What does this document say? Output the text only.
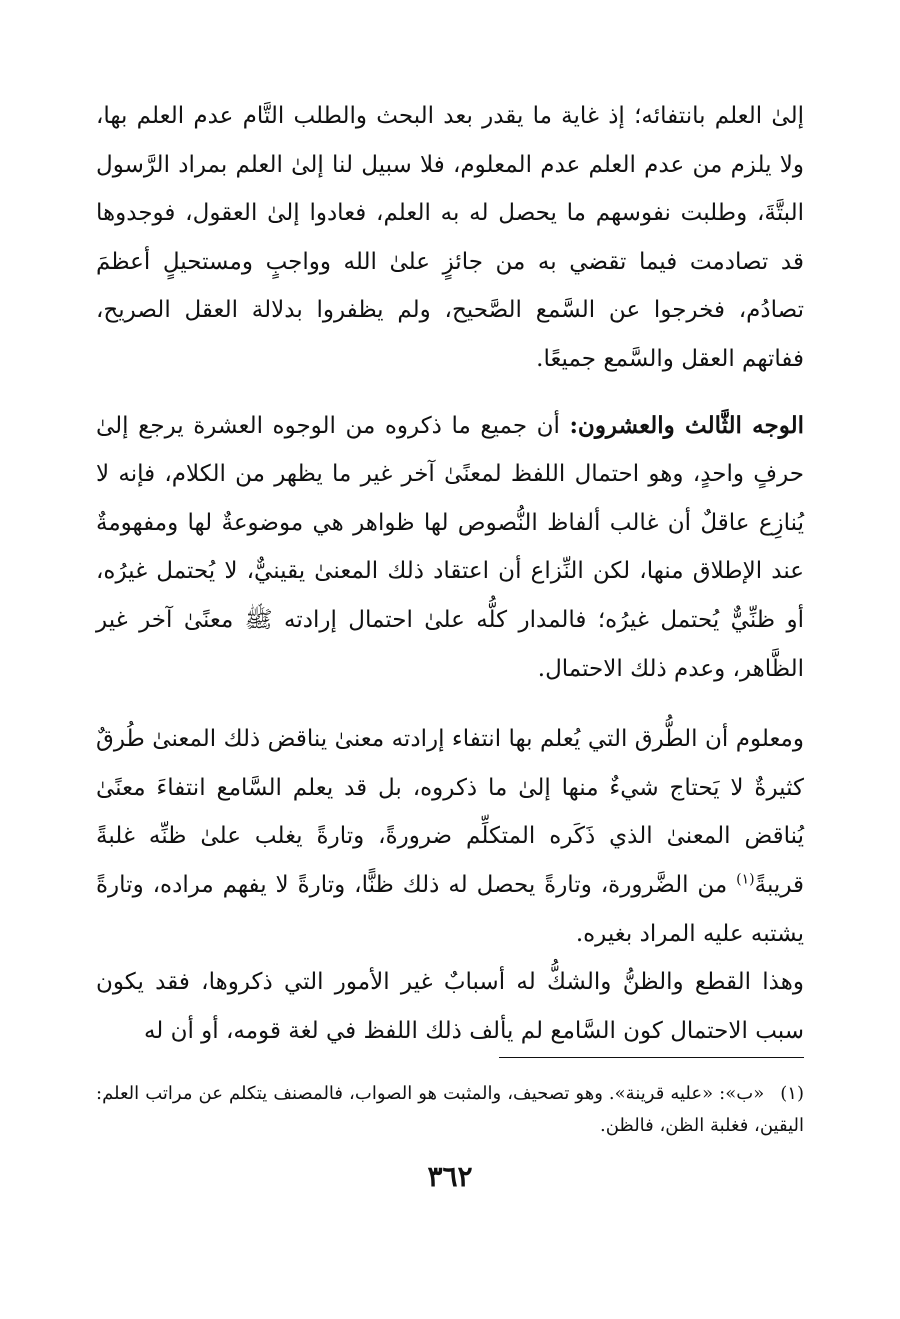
إلىٰ العلم بانتفائه؛ إذ غاية ما يقدر بعد البحث والطلب التَّام عدم العلم بها، ولا يلزم من عدم العلم عدم المعلوم، فلا سبيل لنا إلىٰ العلم بمراد الرَّسول البتَّةَ، وطلبت نفوسهم ما يحصل له به العلم، فعادوا إلىٰ العقول، فوجدوها قد تصادمت فيما تقضي به من جائزٍ علىٰ الله وواجبٍ ومستحيلٍ أعظمَ تصادُم، فخرجوا عن السَّمع الصَّحيح، ولم يظفروا بدلالة العقل الصريح، ففاتهم العقل والسَّمع جميعًا.

الوجه الثَّالث والعشرون: أن جميع ما ذكروه من الوجوه العشرة يرجع إلىٰ حرفٍ واحدٍ، وهو احتمال اللفظ لمعنًىٰ آخر غير ما يظهر من الكلام، فإنه لا يُنازِع عاقلٌ أن غالب ألفاظ النُّصوص لها ظواهر هي موضوعةٌ لها ومفهومةٌ عند الإطلاق منها، لكن النِّزاع أن اعتقاد ذلك المعنىٰ يقينيٌّ، لا يُحتمل غيرُه، أو ظنِّيٌّ يُحتمل غيرُه؛ فالمدار كلُّه علىٰ احتمال إرادته ﷺ معنًىٰ آخر غير الظَّاهر، وعدم ذلك الاحتمال.

ومعلوم أن الطُّرق التي يُعلم بها انتفاء إرادته معنىٰ يناقض ذلك المعنىٰ طُرقٌ كثيرةٌ لا يَحتاج شيءٌ منها إلىٰ ما ذكروه، بل قد يعلم السَّامع انتفاءَ معنًىٰ يُناقض المعنىٰ الذي ذَكَره المتكلِّم ضرورةً، وتارةً يغلب علىٰ ظنِّه غلبةً قريبةً$^{(١)}$ من الضَّرورة، وتارةً يحصل له ذلك ظنًّا، وتارةً لا يفهم مراده، وتارةً يشتبه عليه المراد بغيره.

وهذا القطع والظنُّ والشكُّ له أسبابٌ غير الأمور التي ذكروها، فقد يكون سبب الاحتمال كون السَّامع لم يألف ذلك اللفظ في لغة قومه، أو أن له

(١) «ب»: «عليه قرينة». وهو تصحيف، والمثبت هو الصواب، فالمصنف يتكلم عن مراتب العلم: اليقين، فغلبة الظن، فالظن.

٣٦٢
